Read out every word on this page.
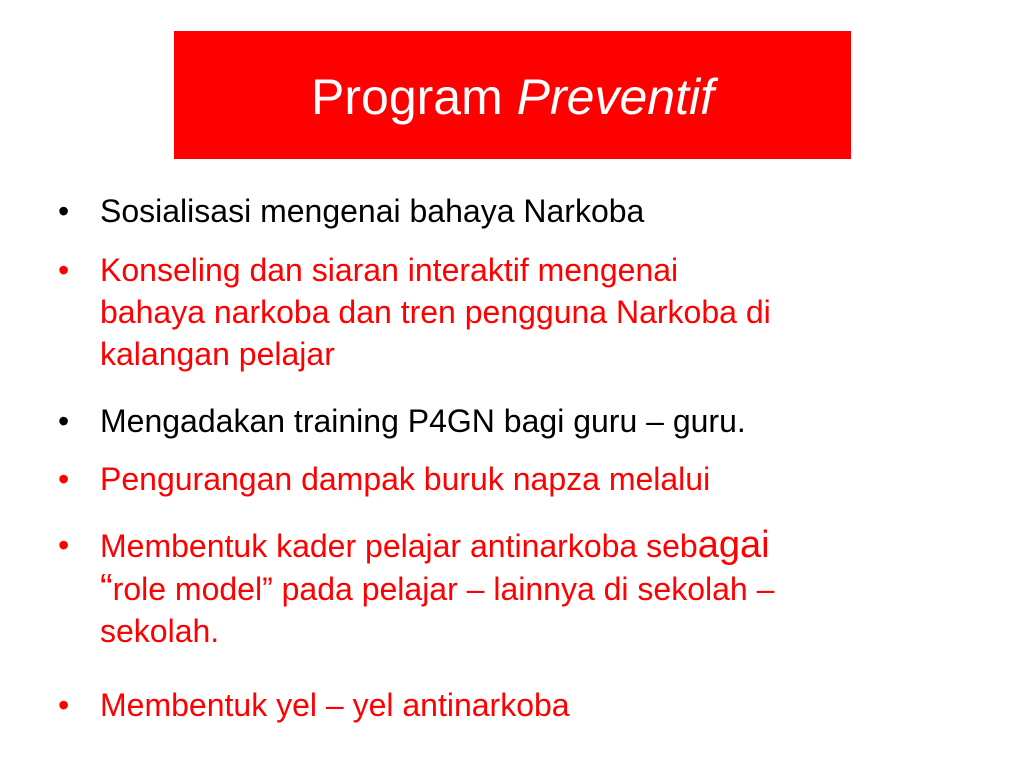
Program Preventif
• Sosialisasi mengenai bahaya Narkoba
• Konseling dan siaran interaktif mengenai
bahaya narkoba dan tren pengguna Narkoba di
kalangan pelajar
• Mengadakan training P4GN bagi guru – guru.
• Pengurangan dampak buruk napza melalui
• Membentuk kader pelajar antinarkoba sebagai
“role model” pada pelajar – lainnya di sekolah –
sekolah.
• Membentuk yel – yel antinarkoba
